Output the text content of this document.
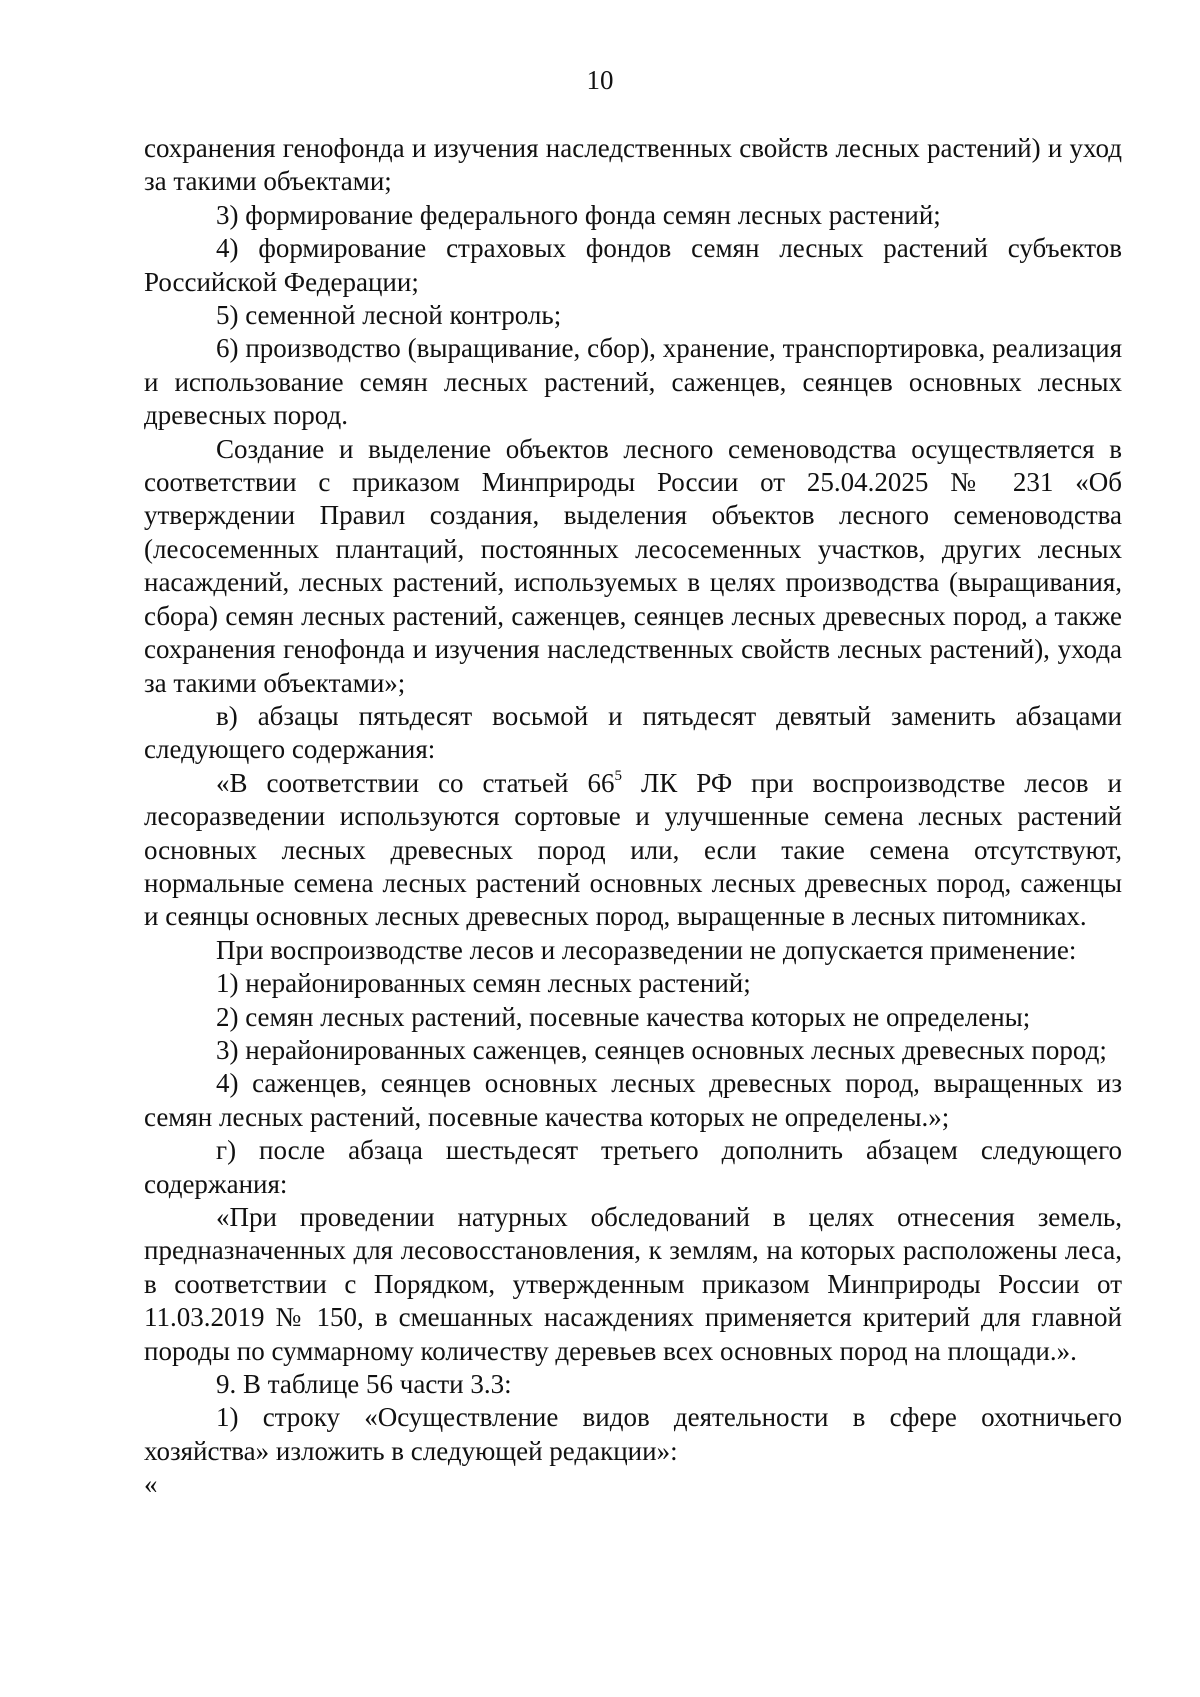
10

сохранения генофонда и изучения наследственных свойств лесных растений) и уход за такими объектами;

3) формирование федерального фонда семян лесных растений;

4) формирование страховых фондов семян лесных растений субъектов Российской Федерации;

5) семенной лесной контроль;

6) производство (выращивание, сбор), хранение, транспортировка, реализация и использование семян лесных растений, саженцев, сеянцев основных лесных древесных пород.

Создание и выделение объектов лесного семеноводства осуществляется в соответствии с приказом Минприроды России от 25.04.2025 № 231 «Об утверждении Правил создания, выделения объектов лесного семеноводства (лесосеменных плантаций, постоянных лесосеменных участков, других лесных насаждений, лесных растений, используемых в целях производства (выращивания, сбора) семян лесных растений, саженцев, сеянцев лесных древесных пород, а также сохранения генофонда и изучения наследственных свойств лесных растений), ухода за такими объектами»;

в) абзацы пятьдесят восьмой и пятьдесят девятый заменить абзацами следующего содержания:

«В соответствии со статьей $66^5$ ЛК РФ при воспроизводстве лесов и лесоразведении используются сортовые и улучшенные семена лесных растений основных лесных древесных пород или, если такие семена отсутствуют, нормальные семена лесных растений основных лесных древесных пород, саженцы и сеянцы основных лесных древесных пород, выращенные в лесных питомниках.

При воспроизводстве лесов и лесоразведении не допускается применение:

1) нерайонированных семян лесных растений;

2) семян лесных растений, посевные качества которых не определены;

3) нерайонированных саженцев, сеянцев основных лесных древесных пород;

4) саженцев, сеянцев основных лесных древесных пород, выращенных из семян лесных растений, посевные качества которых не определены.»;

г) после абзаца шестьдесят третьего дополнить абзацем следующего содержания:

«При проведении натурных обследований в целях отнесения земель, предназначенных для лесовосстановления, к землям, на которых расположены леса, в соответствии с Порядком, утвержденным приказом Минприроды России от 11.03.2019 № 150, в смешанных насаждениях применяется критерий для главной породы по суммарному количеству деревьев всех основных пород на площади.».

9. В таблице 56 части 3.3:

1) строку «Осуществление видов деятельности в сфере охотничьего хозяйства» изложить в следующей редакции»:

«
